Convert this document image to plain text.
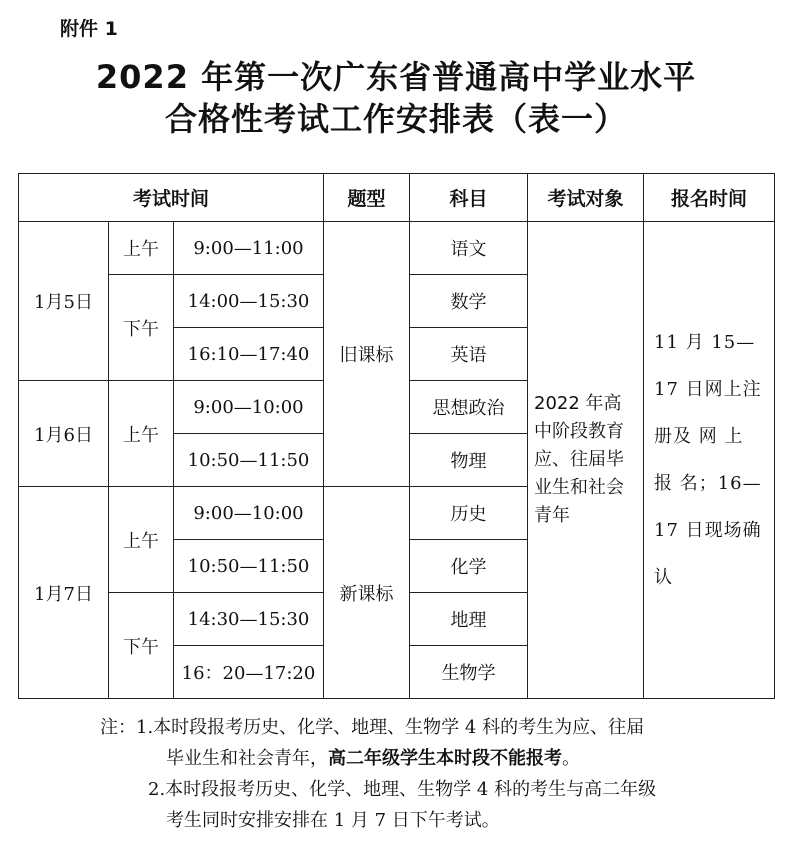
附件 1
2022 年第一次广东省普通高中学业水平
合格性考试工作安排表（表一）
考试时间			题型	科目	考试对象	报名时间
1月5日	上午	9:00—11:00	旧课标	语文	2022 年高中阶段教育应、往届毕业生和社会青年	11 月 15—17 日网上注册及 网 上 报 名；16—17 日现场确认
	下午	14:00—15:30		数学		
		16:10—17:40		英语		
1月6日	上午	9:00—10:00		思想政治		
		10:50—11:50		物理		
1月7日	上午	9:00—10:00	新课标	历史		
		10:50—11:50		化学		
	下午	14:30—15:30		地理		
		16：20—17:20		生物学		
注：1.本时段报考历史、化学、地理、生物学 4 科的考生为应、往届
毕业生和社会青年，高二年级学生本时段不能报考。
2.本时段报考历史、化学、地理、生物学 4 科的考生与高二年级
考生同时安排安排在 1 月 7 日下午考试。
